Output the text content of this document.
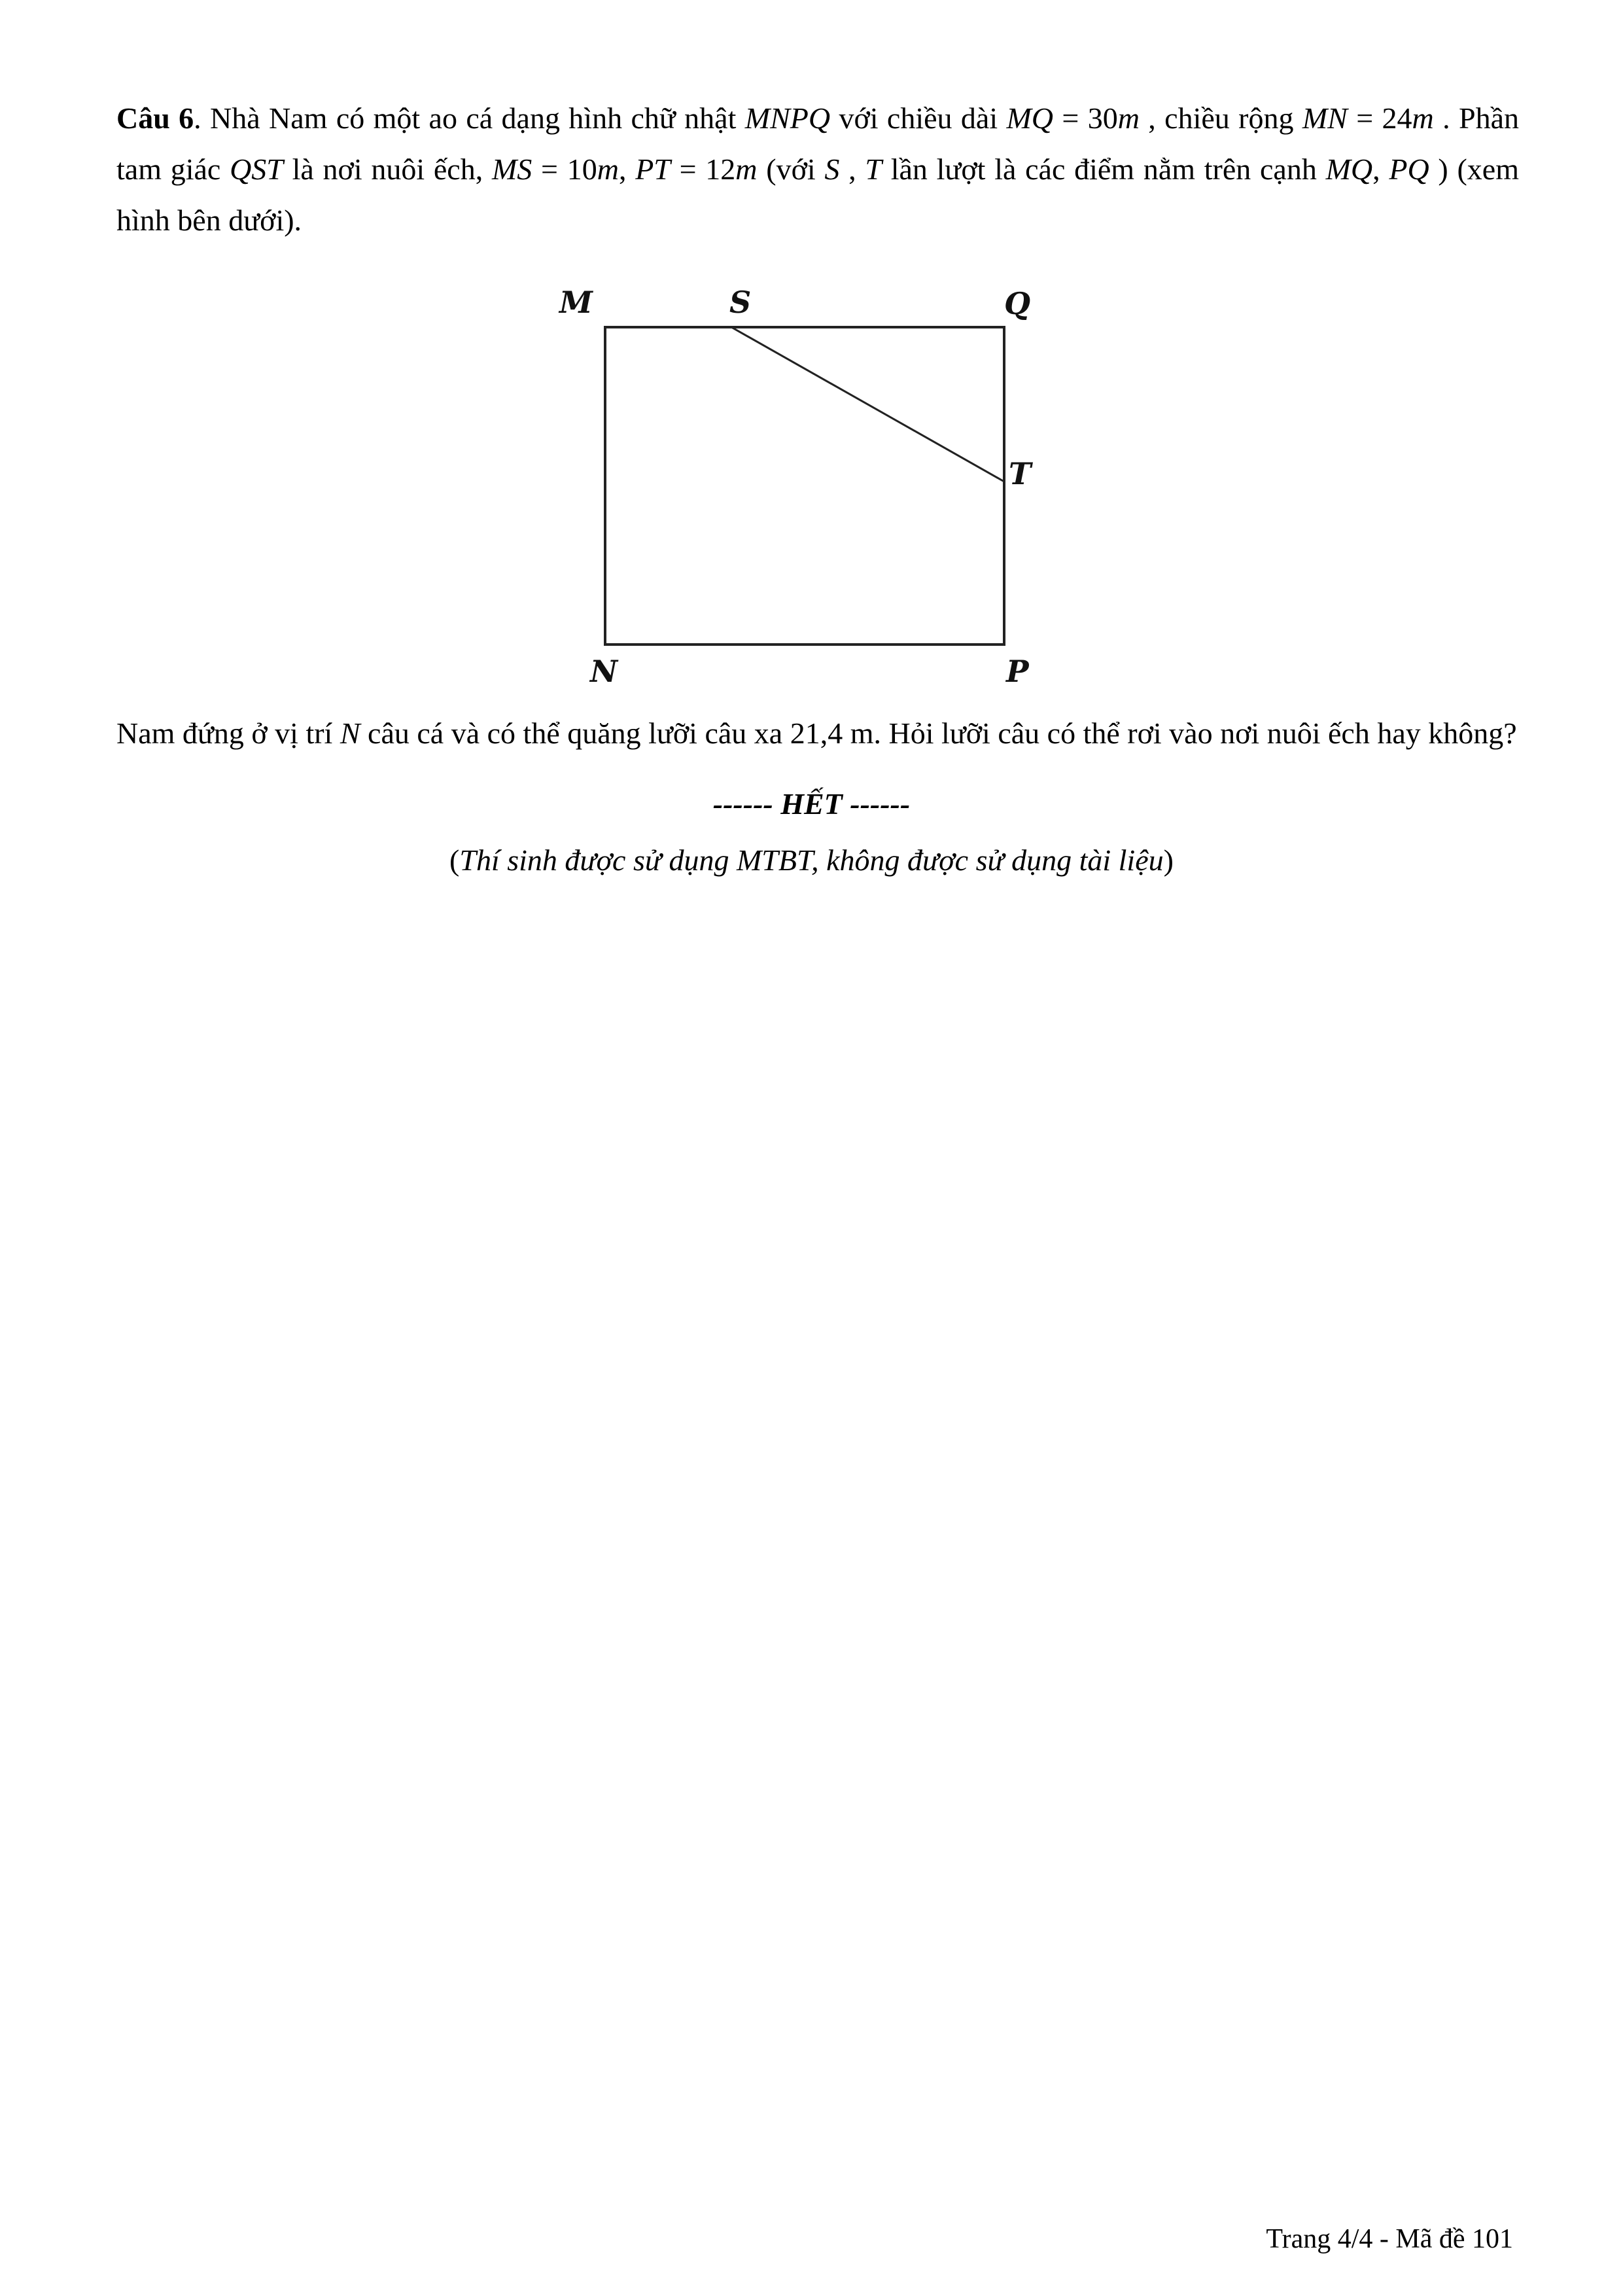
Câu 6. Nhà Nam có một ao cá dạng hình chữ nhật MNPQ với chiều dài MQ = 30m , chiều rộng MN = 24m . Phần tam giác QST là nơi nuôi ếch, MS = 10m, PT = 12m (với S , T lần lượt là các điểm nằm trên cạnh MQ, PQ ) (xem hình bên dưới).

M	S	Q
T
N	P

Nam đứng ở vị trí N câu cá và có thể quăng lưỡi câu xa 21,4 m. Hỏi lưỡi câu có thể rơi vào nơi nuôi ếch hay không?

------ HẾT ------
(Thí sinh được sử dụng MTBT, không được sử dụng tài liệu)
Trang 4/4 - Mã đề 101
